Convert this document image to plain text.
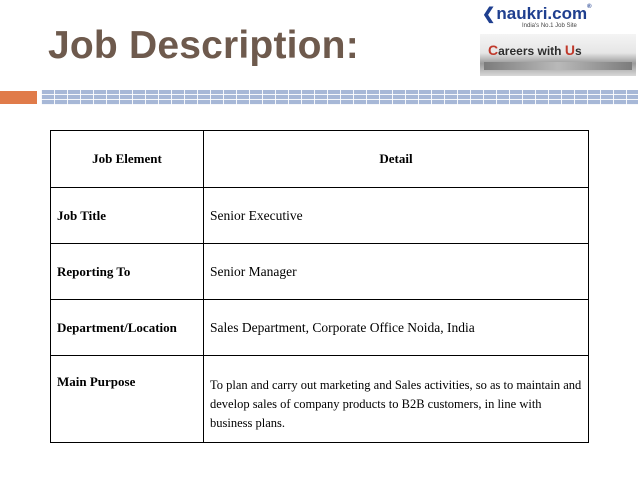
Job Description:
❮naukri.com®
India's No.1 Job Site
Careers with Us
Job Element	Detail
Job Title	Senior Executive
Reporting To	Senior Manager
Department/Location	Sales Department, Corporate Office Noida, India
Main Purpose	To plan and carry out marketing and Sales activities, so as to maintain and develop sales of company products to B2B customers, in line with business plans.
